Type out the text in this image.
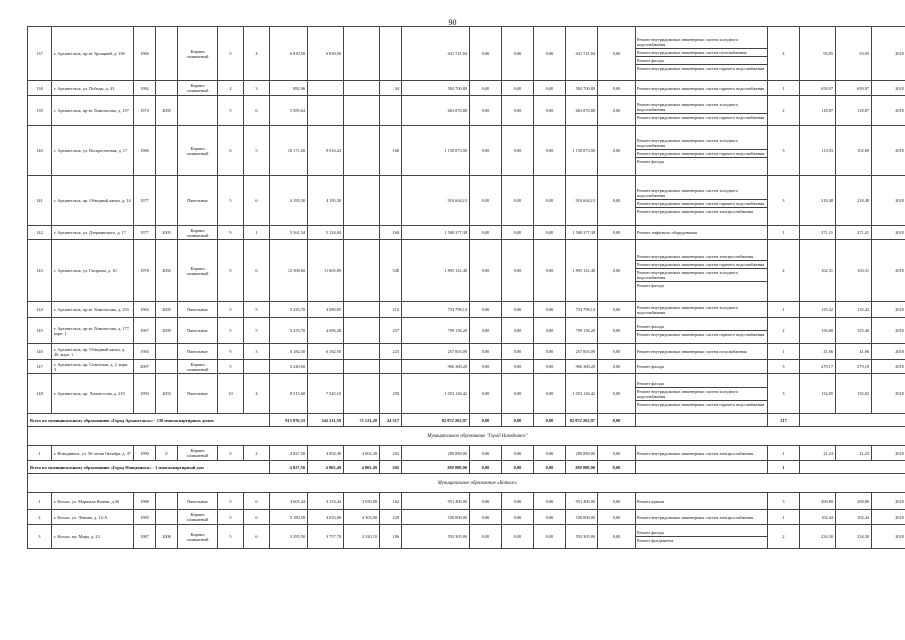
90
137	г. Архангельск, пр-кт Троицкий, д. 158	1966		Кирпич силикатный	5	4	6 830,50	6 830,50			641 741,84	0,00	0,00	0,00	641 741,84	0,00	Ремонт внутридомовых инженерных систем холодного водоснабжения
Ремонт внутридомовых инженерных систем газоснабжения
Ремонт фасада
Ремонт внутридомовых инженерных систем горячего водоснабжения	4	93,95	93,95	2018
138	г. Архангельск, ул. Победы, д. 43	1992		Кирпич силикатный	2	3	882,96			34	582 700,80	0,00	0,00	0,00	582 700,80	0,00	Ремонт внутридомовых инженерных систем горячего водоснабжения	1	659,97	659,97	2018
139	г. Архангельск, пр-кт Ломоносова, д. 197	1974	2005		5	6	5 585,64				663 870,80	0,00	0,00	0,00	663 870,80	0,00	Ремонт внутридомовых инженерных систем холодного водоснабжения
Ремонт внутридомовых инженерных систем горячего водоснабжения	2	118,87	118,87	2018
140	г. Архангельск, ул. Воскресенская, д. 17	1966		Кирпич силикатный	6	5	10 171,60	9 016,24		168	1 158 873,00	0,00	0,00	0,00	1 158 873,00	0,00	Ремонт внутридомовых инженерных систем холодного водоснабжения
Ремонт внутридомовых инженерных систем горячего водоснабжения
Ремонт фасада	3	113,93	102,80	2018
141	г. Архангельск, пр. Обводный канал, д. 14	1977		Панельные	5	6	4 195,30	4 195,30			916 604,15	0,00	0,00	0,00	916 604,15	0,00	Ремонт внутридомовых инженерных систем холодного водоснабжения
Ремонт внутридомовых инженерных систем горячего водоснабжения
Ремонт внутридомовых инженерных систем электроснабжения	3	218,48	218,48	2018
142	г. Архангельск, ул. Дзержинского, д. 17	1977	2005	Кирпич силикатный	9	1	5 561,54	5 124,04		168	1 508 377,38	0,00	0,00	0,00	1 508 377,38	0,00	Ремонт лифтового оборудования	1	271,21	271,21	2018
143	г. Архангельск, ул. Гагарина, д. 10	1978	2002	Кирпич силикатный	9	6	12 308,60	11 605,89		548	1 895 141,40	0,00	0,00	0,00	1 895 141,40	0,00	Ремонт внутридомовых инженерных систем электроснабжения
Ремонт внутридомовых инженерных систем горячего водоснабжения
Ремонт внутридомовых инженерных систем холодного водоснабжения
Ремонт фасада	4	162,31	163,31	2018
144	г. Архангельск, пр-кт Ломоносова, д. 255	1965	2005	Панельные	5	5	5 335,70	4 080,85		210	733 798,14	0,00	0,00	0,00	733 798,14	0,00	Ремонт внутридомовых инженерных систем холодного водоснабжения	1	135,42	135,42	2018
145	г. Архангельск, пр-кт Ломоносова, д. 177, корп. 1	1967	2009	Панельные	5	5	5 255,70	4 086,28		257	799 156,20	0,00	0,00	0,00	799 156,20	0,00	Ремонт фасада
Ремонт внутридомовых инженерных систем горячего водоснабжения	2	156,80	155,40	2018
146	г. Архангельск, пр. Обводный канал, д. 40, корп. 1	1984		Панельные	9	3	6 182,50	6 182,50		223	257 603,09	0,00	0,00	0,00	257 603,09	0,00	Ремонт внутридомовых инженерных систем газоснабжения	1	41,66	41,66	2018
147	г. Архангельск, пр. Советская, д. 2, корп. 3	2007		Кирпич силикатный	5		3 240,60				906 360,20	0,00	0,00	0,00	906 360,20	0,00	Ремонт фасада	3	279,17	279,18	2018
148	г. Архангельск, пр. Ломоносова, д. 219	1993	2003	Панельные	10	4	8 515,60	7 545,10		258	1 053 136,42	0,00	0,00	0,00	1 053 136,42	0,00	Ремонт фасада
Ремонт внутридомовых инженерных систем холодного водоснабжения
Ремонт внутридомовых инженерных систем горячего водоснабжения	3	132,85	135,82	2018
Всего по муниципальному образованию «Город Архангельск» - 138 многоквартирных домов							915 076,33	542 211,59	71 121,20	24 317	82 872 262,97	0,00	0,00	0,00	82 872 262,97	0,00		217			
Муниципальное образование "Город Новодвинск"																					
1	г. Новодвинск, ул. 50-летия Октября, д. 47	1990	0	Кирпич силикатный	9	2	4 827,50	4 002,49	4 002,49	202	289 880,00	0,00	0,00	0,00	289 880,00	0,00	Ремонт внутридомовых инженерных систем электроснабжения	1	21,24	21,23	2018
Всего по муниципальному образованию «Город Новодвинск» - 1 многоквартирный дом							4 827,50	4 002,49	4 002,49	202	289 880,00	0,00	0,00	0,00	289 880,00	0,00		1			
Муниципальное образование «Котлас»																					
1	г. Котлас, ул. Маршала Конева, д.56	1988		Панельные	5	6	3 605,44	3 153,44	3 050,00	162	951 400,00	0,00	0,00	0,00	951 400,00	0,00	Ремонт крыши	3	269,80	269,80	2018
2	г. Котлас, ул. Ленина, д. 12-А	1985		Кирпич силикатный	5	6	5 180,58	4 633,68	4 303,00	229	530 000,00	0,00	0,00	0,00	530 000,00	0,00	Ремонт внутридомовых инженерных систем электроснабжения	1	102,44	102,44	2018
3	г. Котлас, пр. Мира, д. 23	1987	2008	Кирпич силикатный	5	6	3 295,50	3 757,70	3 320,10	186	555 305,00	0,00	0,00	0,00	555 305,00	0,00	Ремонт фасада
Ремонт фундамента	2	234,30	234,30	2018
